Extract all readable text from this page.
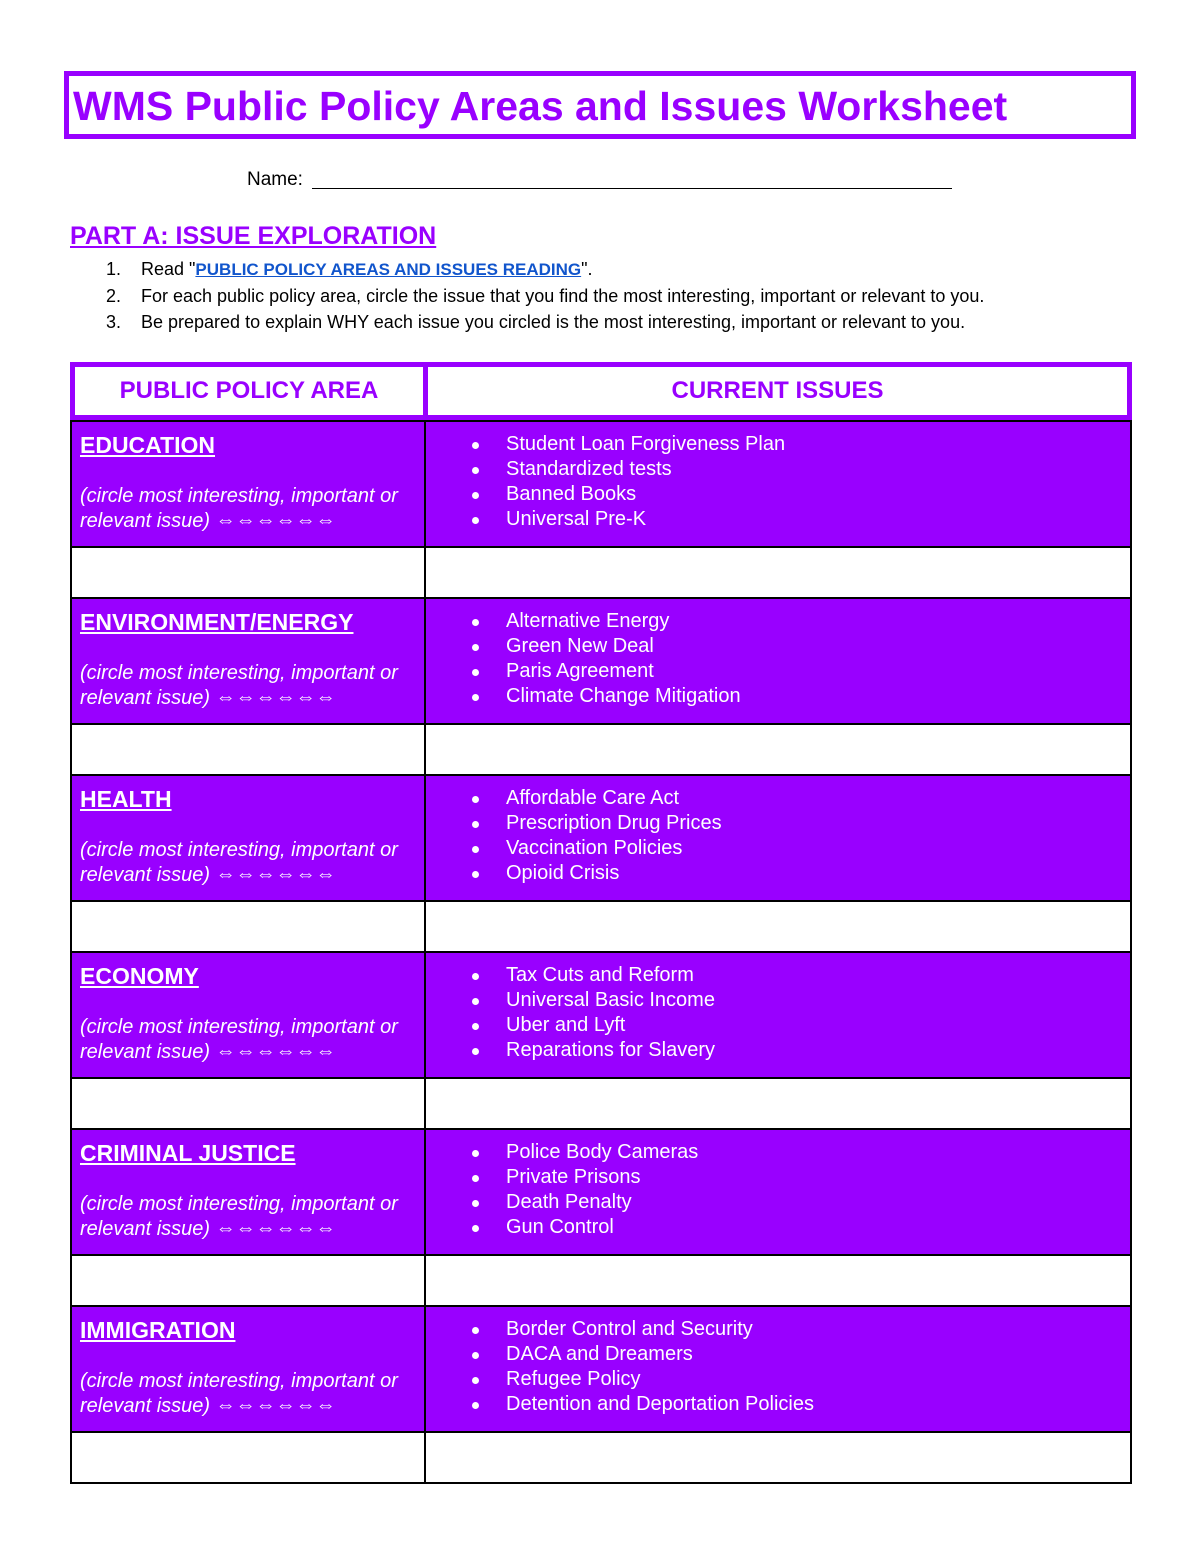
WMS Public Policy Areas and Issues Worksheet
Name:
PART A: ISSUE EXPLORATION
1. Read "PUBLIC POLICY AREAS AND ISSUES READING".
2. For each public policy area, circle the issue that you find the most interesting, important or relevant to you.
3. Be prepared to explain WHY each issue you circled is the most interesting, important or relevant to you.
PUBLIC POLICY AREA	CURRENT ISSUES
EDUCATION
(circle most interesting, important or relevant issue) ⇔⇔⇔⇔⇔⇔
Student Loan Forgiveness Plan
Standardized tests
Banned Books
Universal Pre-K
ENVIRONMENT/ENERGY
(circle most interesting, important or relevant issue) ⇔⇔⇔⇔⇔⇔
Alternative Energy
Green New Deal
Paris Agreement
Climate Change Mitigation
HEALTH
(circle most interesting, important or relevant issue) ⇔⇔⇔⇔⇔⇔
Affordable Care Act
Prescription Drug Prices
Vaccination Policies
Opioid Crisis
ECONOMY
(circle most interesting, important or relevant issue) ⇔⇔⇔⇔⇔⇔
Tax Cuts and Reform
Universal Basic Income
Uber and Lyft
Reparations for Slavery
CRIMINAL JUSTICE
(circle most interesting, important or relevant issue) ⇔⇔⇔⇔⇔⇔
Police Body Cameras
Private Prisons
Death Penalty
Gun Control
IMMIGRATION
(circle most interesting, important or relevant issue) ⇔⇔⇔⇔⇔⇔
Border Control and Security
DACA and Dreamers
Refugee Policy
Detention and Deportation Policies
